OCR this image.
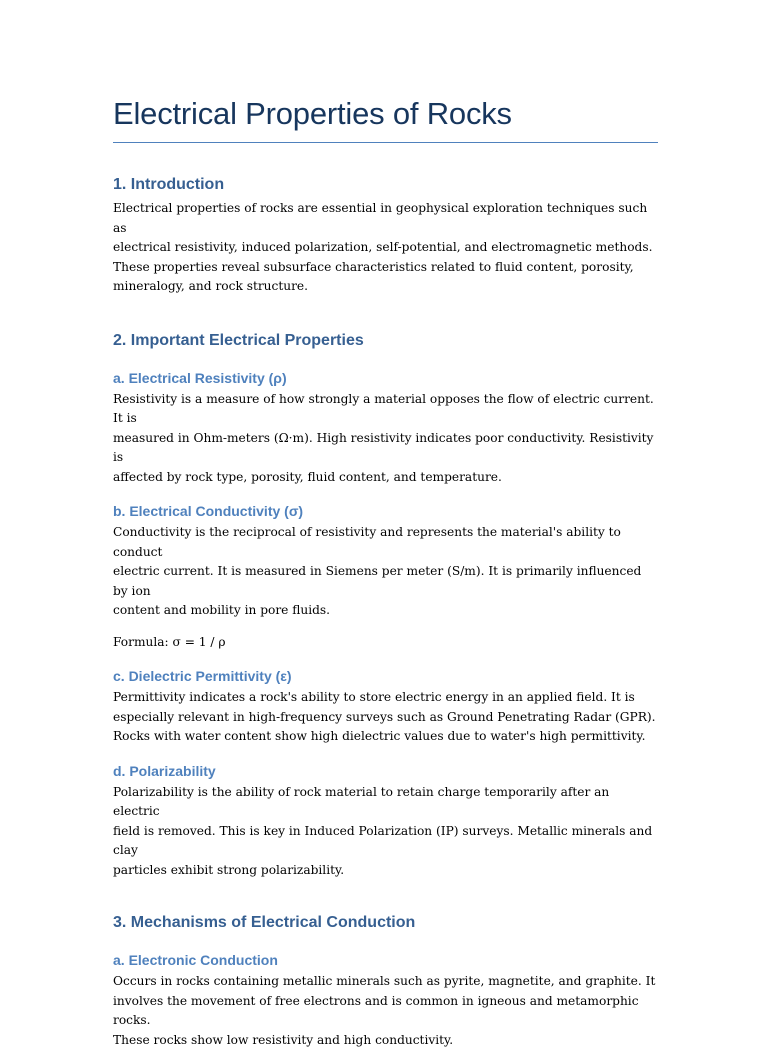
Electrical Properties of Rocks
1. Introduction
Electrical properties of rocks are essential in geophysical exploration techniques such as
electrical resistivity, induced polarization, self-potential, and electromagnetic methods.
These properties reveal subsurface characteristics related to fluid content, porosity,
mineralogy, and rock structure.
2. Important Electrical Properties
a. Electrical Resistivity (ρ)
Resistivity is a measure of how strongly a material opposes the flow of electric current. It is
measured in Ohm-meters (Ω·m). High resistivity indicates poor conductivity. Resistivity is
affected by rock type, porosity, fluid content, and temperature.
b. Electrical Conductivity (σ)
Conductivity is the reciprocal of resistivity and represents the material's ability to conduct
electric current. It is measured in Siemens per meter (S/m). It is primarily influenced by ion
content and mobility in pore fluids.
Formula: σ = 1 / ρ
c. Dielectric Permittivity (ε)
Permittivity indicates a rock's ability to store electric energy in an applied field. It is
especially relevant in high-frequency surveys such as Ground Penetrating Radar (GPR).
Rocks with water content show high dielectric values due to water's high permittivity.
d. Polarizability
Polarizability is the ability of rock material to retain charge temporarily after an electric
field is removed. This is key in Induced Polarization (IP) surveys. Metallic minerals and clay
particles exhibit strong polarizability.
3. Mechanisms of Electrical Conduction
a. Electronic Conduction
Occurs in rocks containing metallic minerals such as pyrite, magnetite, and graphite. It
involves the movement of free electrons and is common in igneous and metamorphic rocks.
These rocks show low resistivity and high conductivity.
